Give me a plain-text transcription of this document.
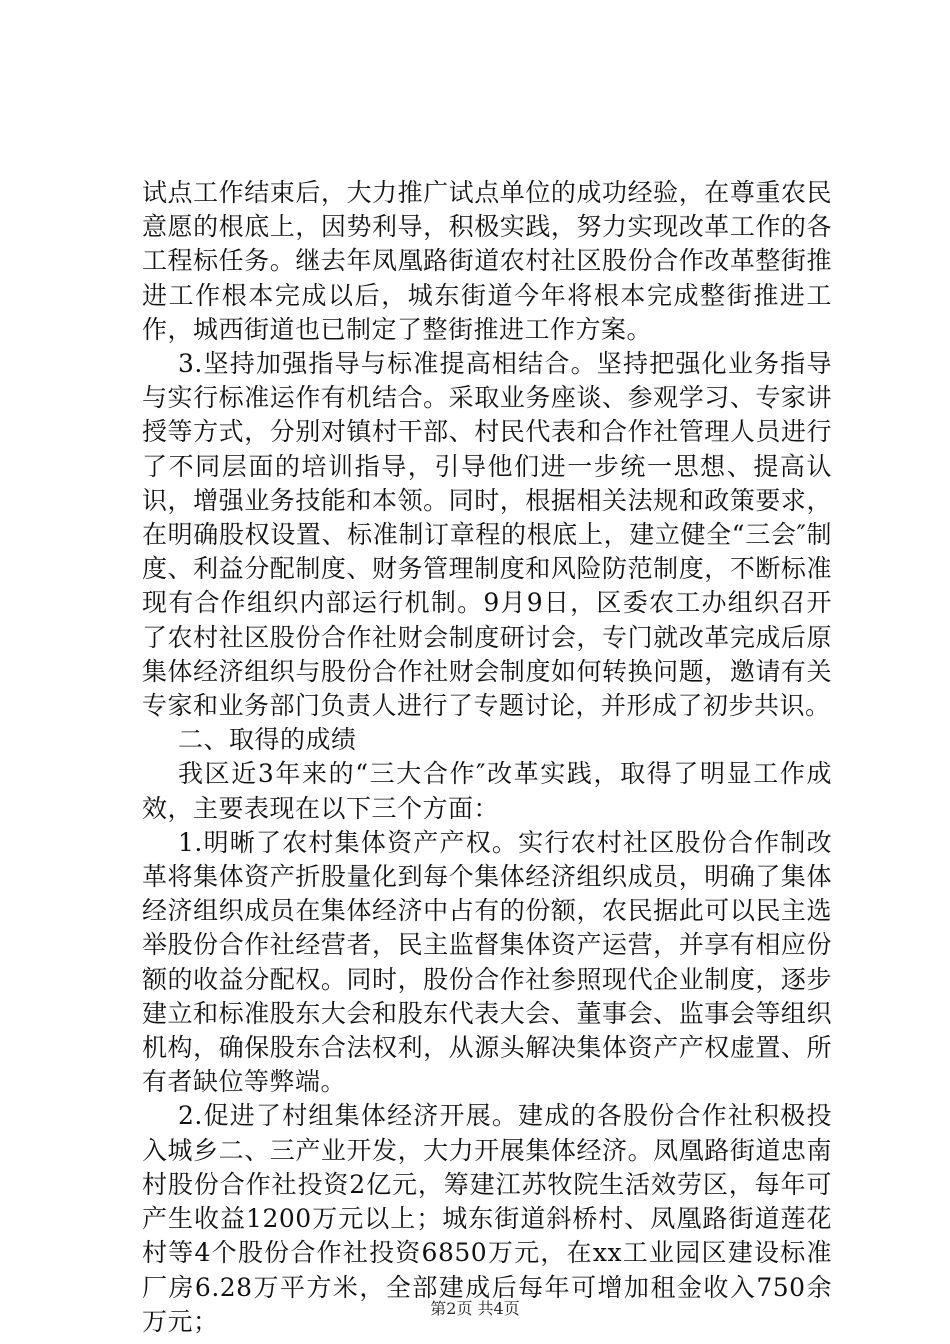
试点工作结束后，大力推广试点单位的成功经验，在尊重农民意愿的根底上，因势利导，积极实践，努力实现改革工作的各工程标任务。继去年凤凰路街道农村社区股份合作改革整街推进工作根本完成以后，城东街道今年将根本完成整街推进工作，城西街道也已制定了整街推进工作方案。

3.坚持加强指导与标准提高相结合。坚持把强化业务指导与实行标准运作有机结合。采取业务座谈、参观学习、专家讲授等方式，分别对镇村干部、村民代表和合作社管理人员进行了不同层面的培训指导，引导他们进一步统一思想、提高认识，增强业务技能和本领。同时，根据相关法规和政策要求，在明确股权设置、标准制订章程的根底上，建立健全“三会″制度、利益分配制度、财务管理制度和风险防范制度，不断标准现有合作组织内部运行机制。9月9日，区委农工办组织召开了农村社区股份合作社财会制度研讨会，专门就改革完成后原集体经济组织与股份合作社财会制度如何转换问题，邀请有关专家和业务部门负责人进行了专题讨论，并形成了初步共识。

二、取得的成绩

我区近3年来的“三大合作″改革实践，取得了明显工作成效，主要表现在以下三个方面：

1.明晰了农村集体资产产权。实行农村社区股份合作制改革将集体资产折股量化到每个集体经济组织成员，明确了集体经济组织成员在集体经济中占有的份额，农民据此可以民主选举股份合作社经营者，民主监督集体资产运营，并享有相应份额的收益分配权。同时，股份合作社参照现代企业制度，逐步建立和标准股东大会和股东代表大会、董事会、监事会等组织机构，确保股东合法权利，从源头解决集体资产产权虚置、所有者缺位等弊端。

2.促进了村组集体经济开展。建成的各股份合作社积极投入城乡二、三产业开发，大力开展集体经济。凤凰路街道忠南村股份合作社投资2亿元，筹建江苏牧院生活效劳区，每年可产生收益1200万元以上；城东街道斜桥村、凤凰路街道莲花村等4个股份合作社投资6850万元，在xx工业园区建设标准厂房6.28万平方米，全部建成后每年可增加租金收入750余万元；	第2页 共4页
